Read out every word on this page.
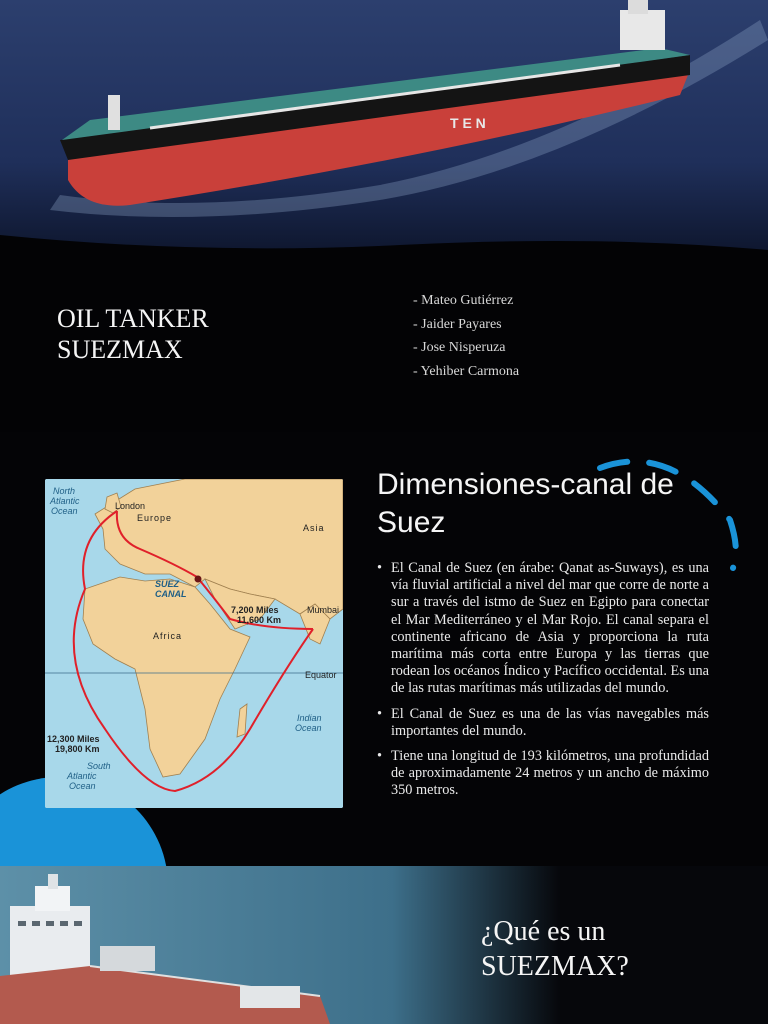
T E N
OIL TANKER
SUEZMAX
- Mateo Gutiérrez
- Jaider Payares
- Jose Nisperuza
- Yehiber Carmona
North
Atlantic
Ocean
Indian
Ocean
South
Atlantic
Ocean
SUEZ
CANAL
London
Europe
Asia
Mumbai
Africa
Equator
7,200 Miles
11,600 Km
12,300 Miles
19,800 Km
Dimensiones-canal de Suez
• El Canal de Suez (en árabe: Qanat as-Suways), es una vía fluvial artificial a nivel del mar que corre de norte a sur a través del istmo de Suez en Egipto para conectar el Mar Mediterráneo y el Mar Rojo. El canal separa el continente africano de Asia y proporciona la ruta marítima más corta entre Europa y las tierras que rodean los océanos Índico y Pacífico occidental. Es una de las rutas marítimas más utilizadas del mundo.
• El Canal de Suez es una de las vías navegables más importantes del mundo.
• Tiene una longitud de 193 kilómetros, una profundidad de aproximadamente 24 metros y un ancho de máximo 350 metros.
¿Qué es un
SUEZMAX?
